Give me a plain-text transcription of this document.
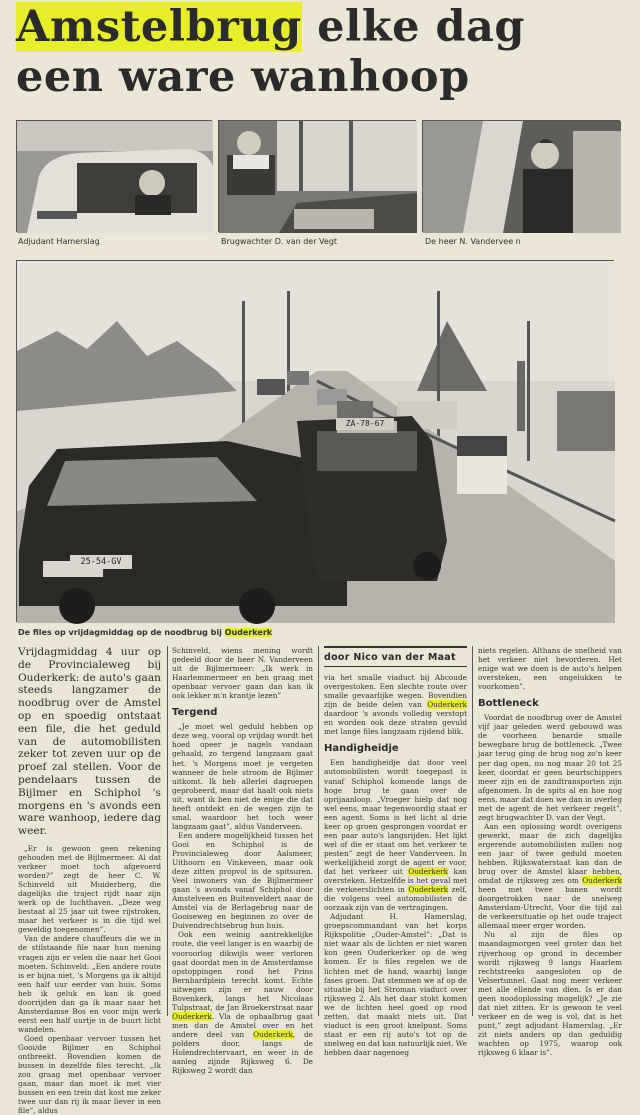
Amstelbrug elke dag
een ware wanhoop
Adjudant Hamerslag	Brugwachter D. van der Vegt	De heer N. Vandervee n
25-54-GV
ZA-78-67
De files op vrijdagmiddag op de noodbrug bij Ouderkerk

Vrijdagmiddag 4 uur op de Provincialeweg bij Ouderkerk: de auto's gaan steeds langzamer de noodbrug over de Amstel op en spoedig ontstaat een file, die het geduld van de automobilisten zeker tot zeven uur op de proef zal stellen. Voor de pendelaars tussen de Bijlmer en Schiphol 's morgens en 's avonds een ware wanhoop, iedere dag weer.

„Er is gewoon geen rekening gehouden met de Bijlmermeer. Al dat verkeer moet toch afgevoerd worden?” zegt de heer C. W. Schinveld uit Muiderberg, die dagelijks die traject rijdt naar zijn werk op de luchthaven. „Deze weg bestaat al 25 jaar uit twee rijstroken, maar het verkeer is in die tijd wel geweldig toegenomen”.

Van de andere chauffeurs die we in de stilstaande file naar hun mening vragen zijn er velen die naar het Gooi moeten. Schinveld: „Een andere route is er bijna niet, 's Morgens ga ik altijd een half uur eerder van huis. Soms heb ik geluk en kan ik goed doorrijden dan ga ik maar naar het Amsterdamse Bos en voor mijn werk eerst een half uurtje in de buurt licht wandelen.

Goed openbaar vervoer tussen het Gooi/de Bijlmer en Schiphol ontbreekt. Bovendien komen de bussen in dezelfde files terecht. „Ik zou graag met openbaar vervoer gaan, maar dan moet ik met vier bussen en een trein dat kost me zeker twee uur dan rij ik maar liever in een file”, aldus

Schinveld, wiens mening wordt gedeeld door de heer N. Vanderveen uit de Bijlmermeer: „Ik werk in Haarlemmermeer en ben graag met openbaar vervoer gaan dan kan ik ook lekker m'n krantje lezen”

Tergend

„Je moet wel geduld hebben op deze weg, vooral op vrijdag wordt het hoed opeer je nagels vandaan gehaald, zo tergend langzaam gaat het. 's Morgens moet je vergeten wanneer de hele stroom de Bijlmer uitkomt. Ik heb allerlei dagroepen geprobeerd, maar dat haalt ook niets uit, want ik ben niet de enige die dat heeft ontdekt en de wegen zijn te smal, waardoor het toch weer langzaam gaat”, aldus Vanderveen.

Een andere mogelijkheid tussen het Gooi en Schiphol is de Provincialeweg door Aalsmeer, Uithoorn en Vinkeveen, maar ook deze zitten propvol in de spitsuren. Veel inwoners van de Bijlmermeer gaan 's avonds vanaf Schiphol door Amstelveen en Buitenveldert naar de Amstel via de Berlagebrug naar de Gooiseweg en beginnen zo over de Duivendrechtsebrug hun huis.

Ook een weinig aantrekkelijke route, die veel langer is en waarbij de vooroorlog dikwijls weer verloren gaat doordat men in de Amsterdamse opstoppingen rond het Prins Bernhardplein terecht komt. Echte uitwegen zijn er nauw door Bovenkerk, langs het Nicolaas Tulpstraat, de Jan Broekerstraat naar Ouderkerk. Vla de ophaalbrug gaat men dan de Amstel over en het andere deel van Ouderkerk, de polders door, langs de Holendrechtervaart, en weer in de aanleg zijnde Rijksweg 6. De Rijksweg 2 wordt dan

door Nico van der Maat

via het smalle viaduct bij Abcoude overgestoken. Een slechte route over smalle gevaarlijke wegen. Bovendien zijn de beide delen van Ouderkerk daardoor 's avonds volledig verstopt en worden ook deze straten gevuld met lange files langzaam rijdend blik.

Handigheidje

Een handigheidje dat door veel automobilisten wordt toegepast is vanaf Schiphol komende langs de hoge brug te gaan over de oprijaanloop. „Vroeger hielp dat nog wel eens, maar tegenwoordig staat er een agent. Soms is het licht al drie keer op groen gesprongen voordat er een paar auto's langsrijden. Het lijkt wel of die er staat om het verkeer te pesten” zegt de heer Vanderveen. In werkelijkheid zorgt de agent er voor, dat het verkeer uit Ouderkerk kan oversteken. Hetzelfde is het geval met de verkeerslichten in Ouderkerk zelf, die volgens veel automobilisten de oorzaak zijn van de vertragingen.

Adjudant H. Hamerslag, groepscommandant van het korps Rijkspolitie „Ouder-Amstel”: „Dat is niet waar als de lichten er niet waren kon geen Ouderkerker op de weg komen. Er is files regelen we de lichten met de hand, waarbij lange fases groen. Dat stemmen we af op de situatie bij het Stroman viaduct over rijksweg 2. Als het daar stokt komen we de lichten heel goed op rood zetten, dat maakt niets uit. Dat viaduct is een groot knelpunt. Soms staat er een rij auto's tot op de snelweg en dat kan natuurlijk niet. We hebben daar nagenoeg

niets regelen. Althans de snelheid van het verkeer niet bevorderen. Het enige wat we doen is de auto's helpen oversteken, een ongelukken te voorkomen”.

Bottleneck

Voordat de noodbrug over de Amstel vijf jaar geleden werd gebouwd was de voorheen benarde smalle bewegbare brug de bottleneck. „Twee jaar terug ging de brug nog zo'n keer per dag open, nu nog maar 20 tot 25 keer, doordat er geen beurtschippers meer zijn en de zandtransporten zijn afgenomen. In de spits al en hoe nog eens, maar dat doen we dan in overleg met de agent de het verkeer regelt”, zegt brugwachter D. van der Vegt.

Aan een oplossing wordt overigens gewerkt, maar de zich dagelijks ergerende automobilisten zullen nog een jaar of twee geduld moeten hebben. Rijkswaterstaat kan dan de brug over de Amstel klaar hebben, omdat de rijksweg zes om Ouderkerk heen met twee banen wordt doorgetrokken naar de snelweg Amsterdam-Utrecht. Voor die tijd zal de verkeersituatie op het oude traject allemaal meer erger worden.

Nu al zijn de files op maandagmorgen veel groter dan het rijverhoog op grond in december wordt rijksweg 9 langs Haarlem rechtstreeks aangesloten op de Velsertunnel. Gaat nog meer verkeer met alle ellende van dien. Is er dan geen noodoplossing mogelijk? „Je zie dat niet zitten. Er is gewoon te veel verkeer en de weg is vol, dat is het punt,” zegt adjudant Hamerslag. „Er zit niets anders op dan geduldig wachten op 1975, waarop ook rijksweg 6 klaar is”.
